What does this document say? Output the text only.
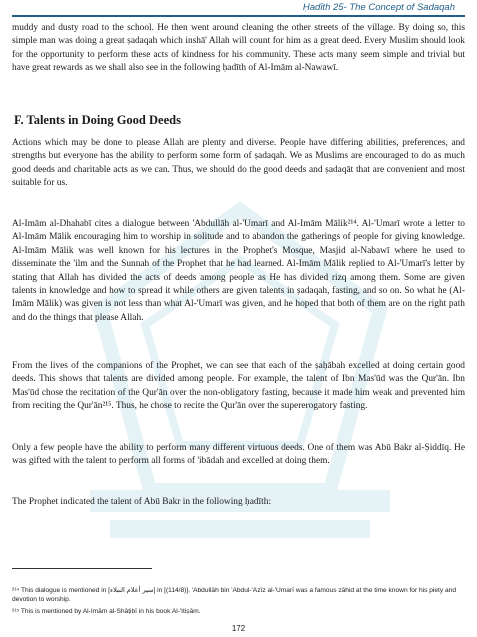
Ḥadīth 25- The Concept of Ṣadaqah

muddy and dusty road to the school. He then went around cleaning the other streets of the village. By doing so, this simple man was doing a great ṣadaqah which inshā' Allah will count for him as a great deed. Every Muslim should look for the opportunity to perform these acts of kindness for his community. These acts many seem simple and trivial but have great rewards as we shall also see in the following ḥadīth of Al-Imām al-Nawawī.

F. Talents in Doing Good Deeds

Actions which may be done to please Allah are plenty and diverse. People have differing abilities, preferences, and strengths but everyone has the ability to perform some form of ṣadaqah. We as Muslims are encouraged to do as much good deeds and charitable acts as we can. Thus, we should do the good deeds and ṣadaqāt that are convenient and most suitable for us.

Al-Imām al-Dhahabī cites a dialogue between 'Abdullāh al-'Umarī and Al-Imām Mālik²¹⁴. Al-'Umarī wrote a letter to Al-Imām Mālik encouraging him to worship in solitude and to abandon the gatherings of people for giving knowledge. Al-Imām Mālik was well known for his lectures in the Prophet's Mosque, Masjid al-Nabawī where he used to disseminate the 'ilm and the Sunnah of the Prophet that he had learned. Al-Imām Mālik replied to Al-'Umarī's letter by stating that Allah has divided the acts of deeds among people as He has divided rizq among them. Some are given talents in knowledge and how to spread it while others are given talents in ṣadaqah, fasting, and so on. So what he (Al-Imām Mālik) was given is not less than what Al-'Umarī was given, and he hoped that both of them are on the right path and do the things that please Allah.

From the lives of the companions of the Prophet, we can see that each of the ṣaḥābah excelled at doing certain good deeds. This shows that talents are divided among people. For example, the talent of Ibn Mas'ūd was the Qur'ān. Ibn Mas'ūd chose the recitation of the Qur'ān over the non-obligatory fasting, because it made him weak and prevented him from reciting the Qur'ān²¹⁵. Thus, he chose to recite the Qur'ān over the supererogatory fasting.

Only a few people have the ability to perform many different virtuous deeds. One of them was Abū Bakr al-Ṣiddīq. He was gifted with the talent to perform all forms of 'ibādah and excelled at doing them.

The Prophet indicated the talent of Abū Bakr in the following ḥadīth:

²¹⁴ This dialogue is mentioned in [سير أعلام النبلاء] in [(114/8)]. 'Abdullāh bin 'Abdul-'Azīz al-'Umarī was a famous zāhid at the time known for his piety and devotion to worship.

²¹⁵ This is mentioned by Al-Imām al-Shāṭibī in his book Al-'Itiṣām.

172
